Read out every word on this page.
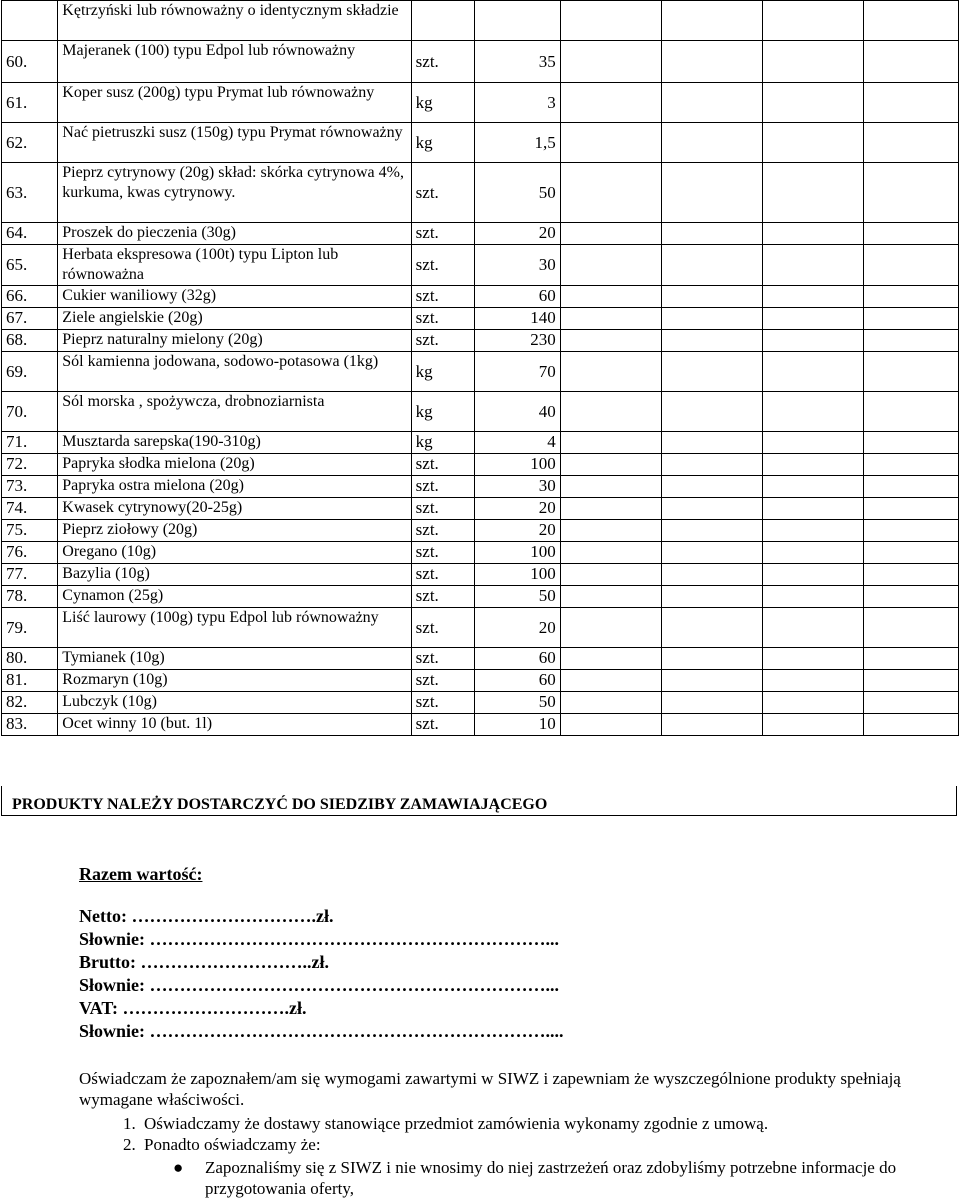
	Kętrzyński lub równoważny o identycznym składzie						
60.	Majeranek (100) typu Edpol lub równoważny	szt.	35				
61.	Koper susz (200g) typu Prymat lub równoważny	kg	3				
62.	Nać pietruszki susz (150g) typu Prymat równoważny	kg	1,5				
63.	Pieprz cytrynowy (20g) skład: skórka cytrynowa 4%, kurkuma, kwas cytrynowy.	szt.	50				
64.	Proszek do pieczenia (30g)	szt.	20				
65.	Herbata ekspresowa (100t) typu Lipton lub równoważna	szt.	30				
66.	Cukier waniliowy (32g)	szt.	60				
67.	Ziele angielskie (20g)	szt.	140				
68.	Pieprz naturalny mielony (20g)	szt.	230				
69.	Sól kamienna jodowana, sodowo-potasowa (1kg)	kg	70				
70.	Sól morska , spożywcza, drobnoziarnista	kg	40				
71.	Musztarda sarepska(190-310g)	kg	4				
72.	Papryka słodka mielona (20g)	szt.	100				
73.	Papryka ostra mielona (20g)	szt.	30				
74.	Kwasek cytrynowy(20-25g)	szt.	20				
75.	Pieprz ziołowy (20g)	szt.	20				
76.	Oregano (10g)	szt.	100				
77.	Bazylia (10g)	szt.	100				
78.	Cynamon (25g)	szt.	50				
79.	Liść laurowy (100g) typu Edpol lub równoważny	szt.	20				
80.	Tymianek (10g)	szt.	60				
81.	Rozmaryn (10g)	szt.	60				
82.	Lubczyk (10g)	szt.	50				
83.	Ocet winny 10 (but. 1l)	szt.	10				
PRODUKTY NALEŻY DOSTARCZYĆ DO SIEDZIBY ZAMAWIAJĄCEGO
Razem wartość:
Netto: ………………………….zł.
Słownie: …………………………………………………………...
Brutto: ………………………..zł.
Słownie: …………………………………………………………...
VAT: ……………………….zł.
Słownie: …………………………………………………………....
Oświadczam że zapoznałem/am się wymogami zawartymi w SIWZ i zapewniam że wyszczególnione produkty spełniają wymagane właściwości.
1. Oświadczamy że dostawy stanowiące przedmiot zamówienia wykonamy zgodnie z umową.
2. Ponadto oświadczamy że:
● Zapoznaliśmy się z SIWZ i nie wnosimy do niej zastrzeżeń oraz zdobyliśmy potrzebne informacje do przygotowania oferty,
